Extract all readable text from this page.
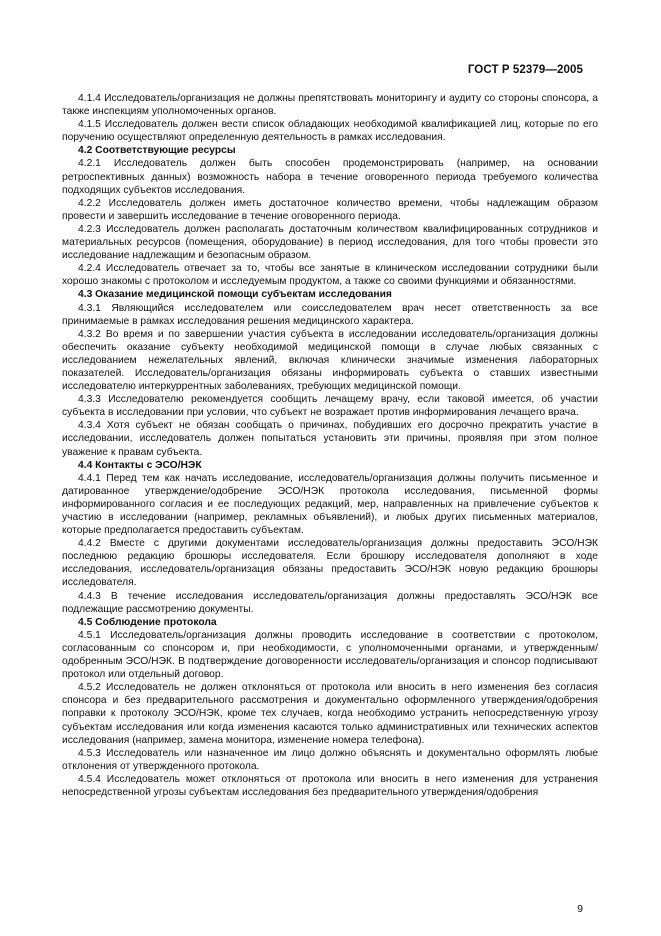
ГОСТ Р 52379—2005

4.1.4 Исследователь/организация не должны препятствовать мониторингу и аудиту со стороны спонсора, а также инспекциям уполномоченных органов.

4.1.5 Исследователь должен вести список обладающих необходимой квалификацией лиц, которые по его поручению осуществляют определенную деятельность в рамках исследования.

4.2 Соответствующие ресурсы

4.2.1 Исследователь должен быть способен продемонстрировать (например, на основании ретроспективных данных) возможность набора в течение оговоренного периода требуемого количества подходящих субъектов исследования.

4.2.2 Исследователь должен иметь достаточное количество времени, чтобы надлежащим образом провести и завершить исследование в течение оговоренного периода.

4.2.3 Исследователь должен располагать достаточным количеством квалифицированных сотрудников и материальных ресурсов (помещения, оборудование) в период исследования, для того чтобы провести это исследование надлежащим и безопасным образом.

4.2.4 Исследователь отвечает за то, чтобы все занятые в клиническом исследовании сотрудники были хорошо знакомы с протоколом и исследуемым продуктом, а также со своими функциями и обязанностями.

4.3 Оказание медицинской помощи субъектам исследования

4.3.1 Являющийся исследователем или соисследователем врач несет ответственность за все принимаемые в рамках исследования решения медицинского характера.

4.3.2 Во время и по завершении участия субъекта в исследовании исследователь/организация должны обеспечить оказание субъекту необходимой медицинской помощи в случае любых связанных с исследованием нежелательных явлений, включая клинически значимые изменения лабораторных показателей. Исследователь/организация обязаны информировать субъекта о ставших известными исследователю интеркуррентных заболеваниях, требующих медицинской помощи.

4.3.3 Исследователю рекомендуется сообщить лечащему врачу, если таковой имеется, об участии субъекта в исследовании при условии, что субъект не возражает против информирования лечащего врача.

4.3.4 Хотя субъект не обязан сообщать о причинах, побудивших его досрочно прекратить участие в исследовании, исследователь должен попытаться установить эти причины, проявляя при этом полное уважение к правам субъекта.

4.4 Контакты с ЭСО/НЭК

4.4.1 Перед тем как начать исследование, исследователь/организация должны получить письменное и датированное утверждение/одобрение ЭСО/НЭК протокола исследования, письменной формы информированного согласия и ее последующих редакций, мер, направленных на привлечение субъектов к участию в исследовании (например, рекламных объявлений), и любых других письменных материалов, которые предполагается предоставить субъектам.

4.4.2 Вместе с другими документами исследователь/организация должны предоставить ЭСО/НЭК последнюю редакцию брошюры исследователя. Если брошюру исследователя дополняют в ходе исследования, исследователь/организация обязаны предоставить ЭСО/НЭК новую редакцию брошюры исследователя.

4.4.3 В течение исследования исследователь/организация должны предоставлять ЭСО/НЭК все подлежащие рассмотрению документы.

4.5 Соблюдение протокола

4.5.1 Исследователь/организация должны проводить исследование в соответствии с протоколом, согласованным со спонсором и, при необходимости, с уполномоченными органами, и утвержденным/одобренным ЭСО/НЭК. В подтверждение договоренности исследователь/организация и спонсор подписывают протокол или отдельный договор.

4.5.2 Исследователь не должен отклоняться от протокола или вносить в него изменения без согласия спонсора и без предварительного рассмотрения и документально оформленного утверждения/одобрения поправки к протоколу ЭСО/НЭК, кроме тех случаев, когда необходимо устранить непосредственную угрозу субъектам исследования или когда изменения касаются только административных или технических аспектов исследования (например, замена монитора, изменение номера телефона).

4.5.3 Исследователь или назначенное им лицо должно объяснять и документально оформлять любые отклонения от утвержденного протокола.

4.5.4 Исследователь может отклоняться от протокола или вносить в него изменения для устранения непосредственной угрозы субъектам исследования без предварительного утверждения/одобрения

9
